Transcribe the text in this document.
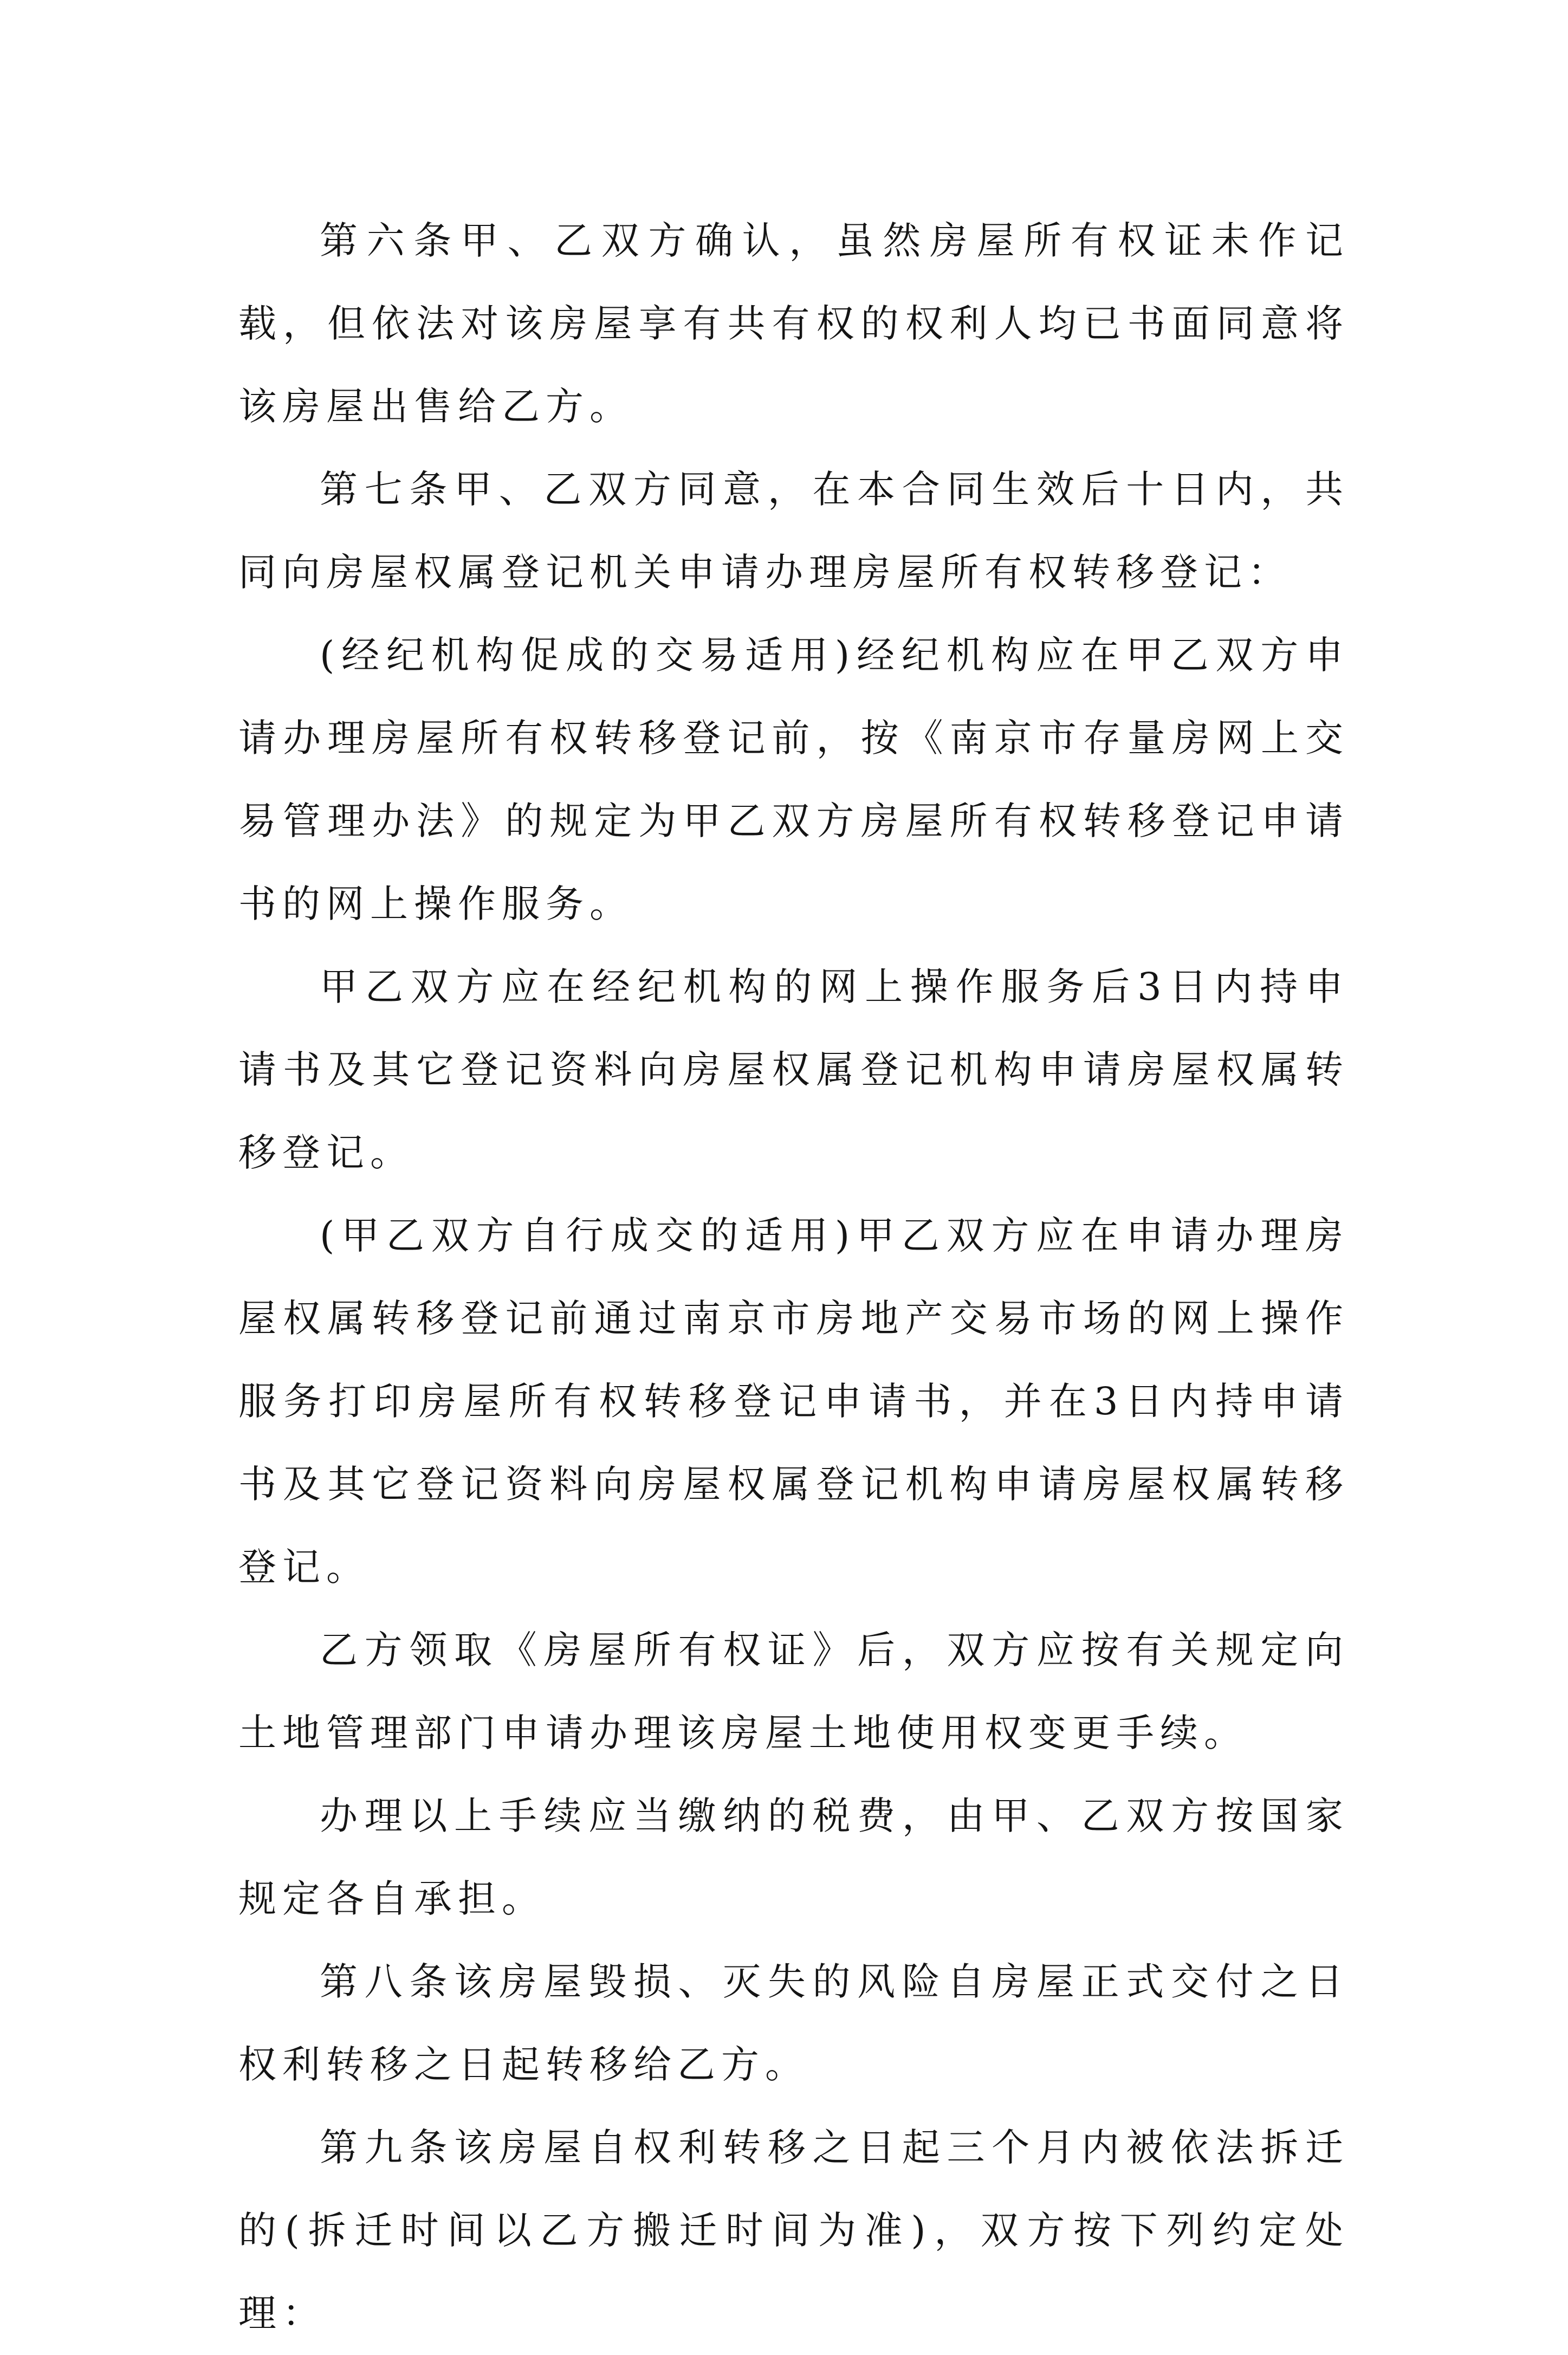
第六条甲、乙双方确认，虽然房屋所有权证未作记载，但依法对该房屋享有共有权的权利人均已书面同意将该房屋出售给乙方。

第七条甲、乙双方同意，在本合同生效后十日内，共同向房屋权属登记机关申请办理房屋所有权转移登记：

(经纪机构促成的交易适用)经纪机构应在甲乙双方申请办理房屋所有权转移登记前，按《南京市存量房网上交易管理办法》的规定为甲乙双方房屋所有权转移登记申请书的网上操作服务。

甲乙双方应在经纪机构的网上操作服务后3日内持申请书及其它登记资料向房屋权属登记机构申请房屋权属转移登记。

(甲乙双方自行成交的适用)甲乙双方应在申请办理房屋权属转移登记前通过南京市房地产交易市场的网上操作服务打印房屋所有权转移登记申请书，并在3日内持申请书及其它登记资料向房屋权属登记机构申请房屋权属转移登记。

乙方领取《房屋所有权证》后，双方应按有关规定向土地管理部门申请办理该房屋土地使用权变更手续。

办理以上手续应当缴纳的税费，由甲、乙双方按国家规定各自承担。

第八条该房屋毁损、灭失的风险自房屋正式交付之日权利转移之日起转移给乙方。

第九条该房屋自权利转移之日起三个月内被依法拆迁的(拆迁时间以乙方搬迁时间为准)，双方按下列约定处理：
